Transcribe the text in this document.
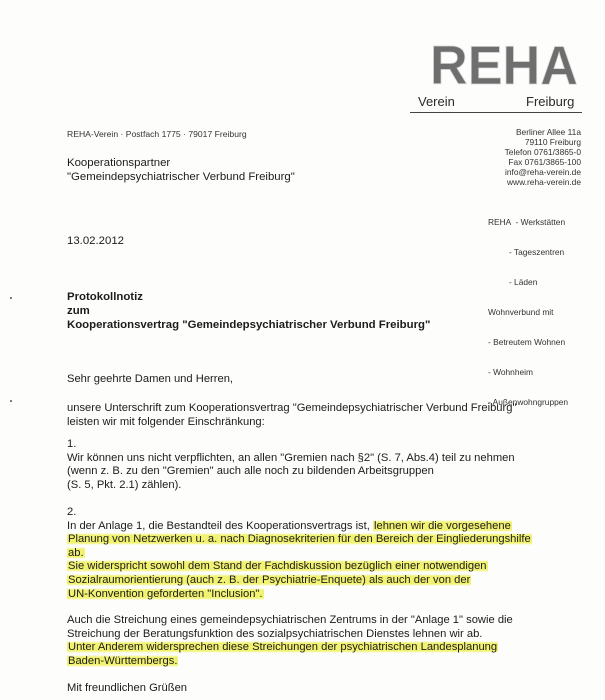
REHA
Verein	Freiburg
REHA-Verein · Postfach 1775 · 79017 Freiburg	Berliner Allee 11a
79110 Freiburg
Telefon 0761/3865-0
Fax 0761/3865-100
info@reha-verein.de
www.reha-verein.de

REHA  - Werkstätten

- Tageszentren

- Läden

Wohnverbund mit

- Betreutem Wohnen

- Wohnheim

- Außenwohngruppen

Kooperationspartner
"Gemeindepsychiatrischer Verbund Freiburg"
13.02.2012
Protokollnotiz
zum
Kooperationsvertrag "Gemeindepsychiatrischer Verbund Freiburg"
Sehr geehrte Damen und Herren,
unsere Unterschrift zum Kooperationsvertrag "Gemeindepsychiatrischer Verbund Freiburg"
leisten wir mit folgender Einschränkung:
1.
Wir können uns nicht verpflichten, an allen "Gremien nach §2" (S. 7, Abs.4) teil zu nehmen
(wenn z. B. zu den "Gremien" auch alle noch zu bildenden Arbeitsgruppen
(S. 5, Pkt. 2.1) zählen).
2.
In der Anlage 1, die Bestandteil des Kooperationsvertrags ist, lehnen wir die vorgesehene
Planung von Netzwerken u. a. nach Diagnosekriterien für den Bereich der Eingliederungshilfe
ab.
Sie widerspricht sowohl dem Stand der Fachdiskussion bezüglich einer notwendigen
Sozialraumorientierung (auch z. B. der Psychiatrie-Enquete) als auch der von der
UN-Konvention geforderten "Inclusion".
Auch die Streichung eines gemeindepsychiatrischen Zentrums in der "Anlage 1" sowie die
Streichung der Beratungsfunktion des sozialpsychiatrischen Dienstes lehnen wir ab.
Unter Anderem widersprechen diese Streichungen der psychiatrischen Landesplanung
Baden-Württembergs.
Mit freundlichen Grüßen
